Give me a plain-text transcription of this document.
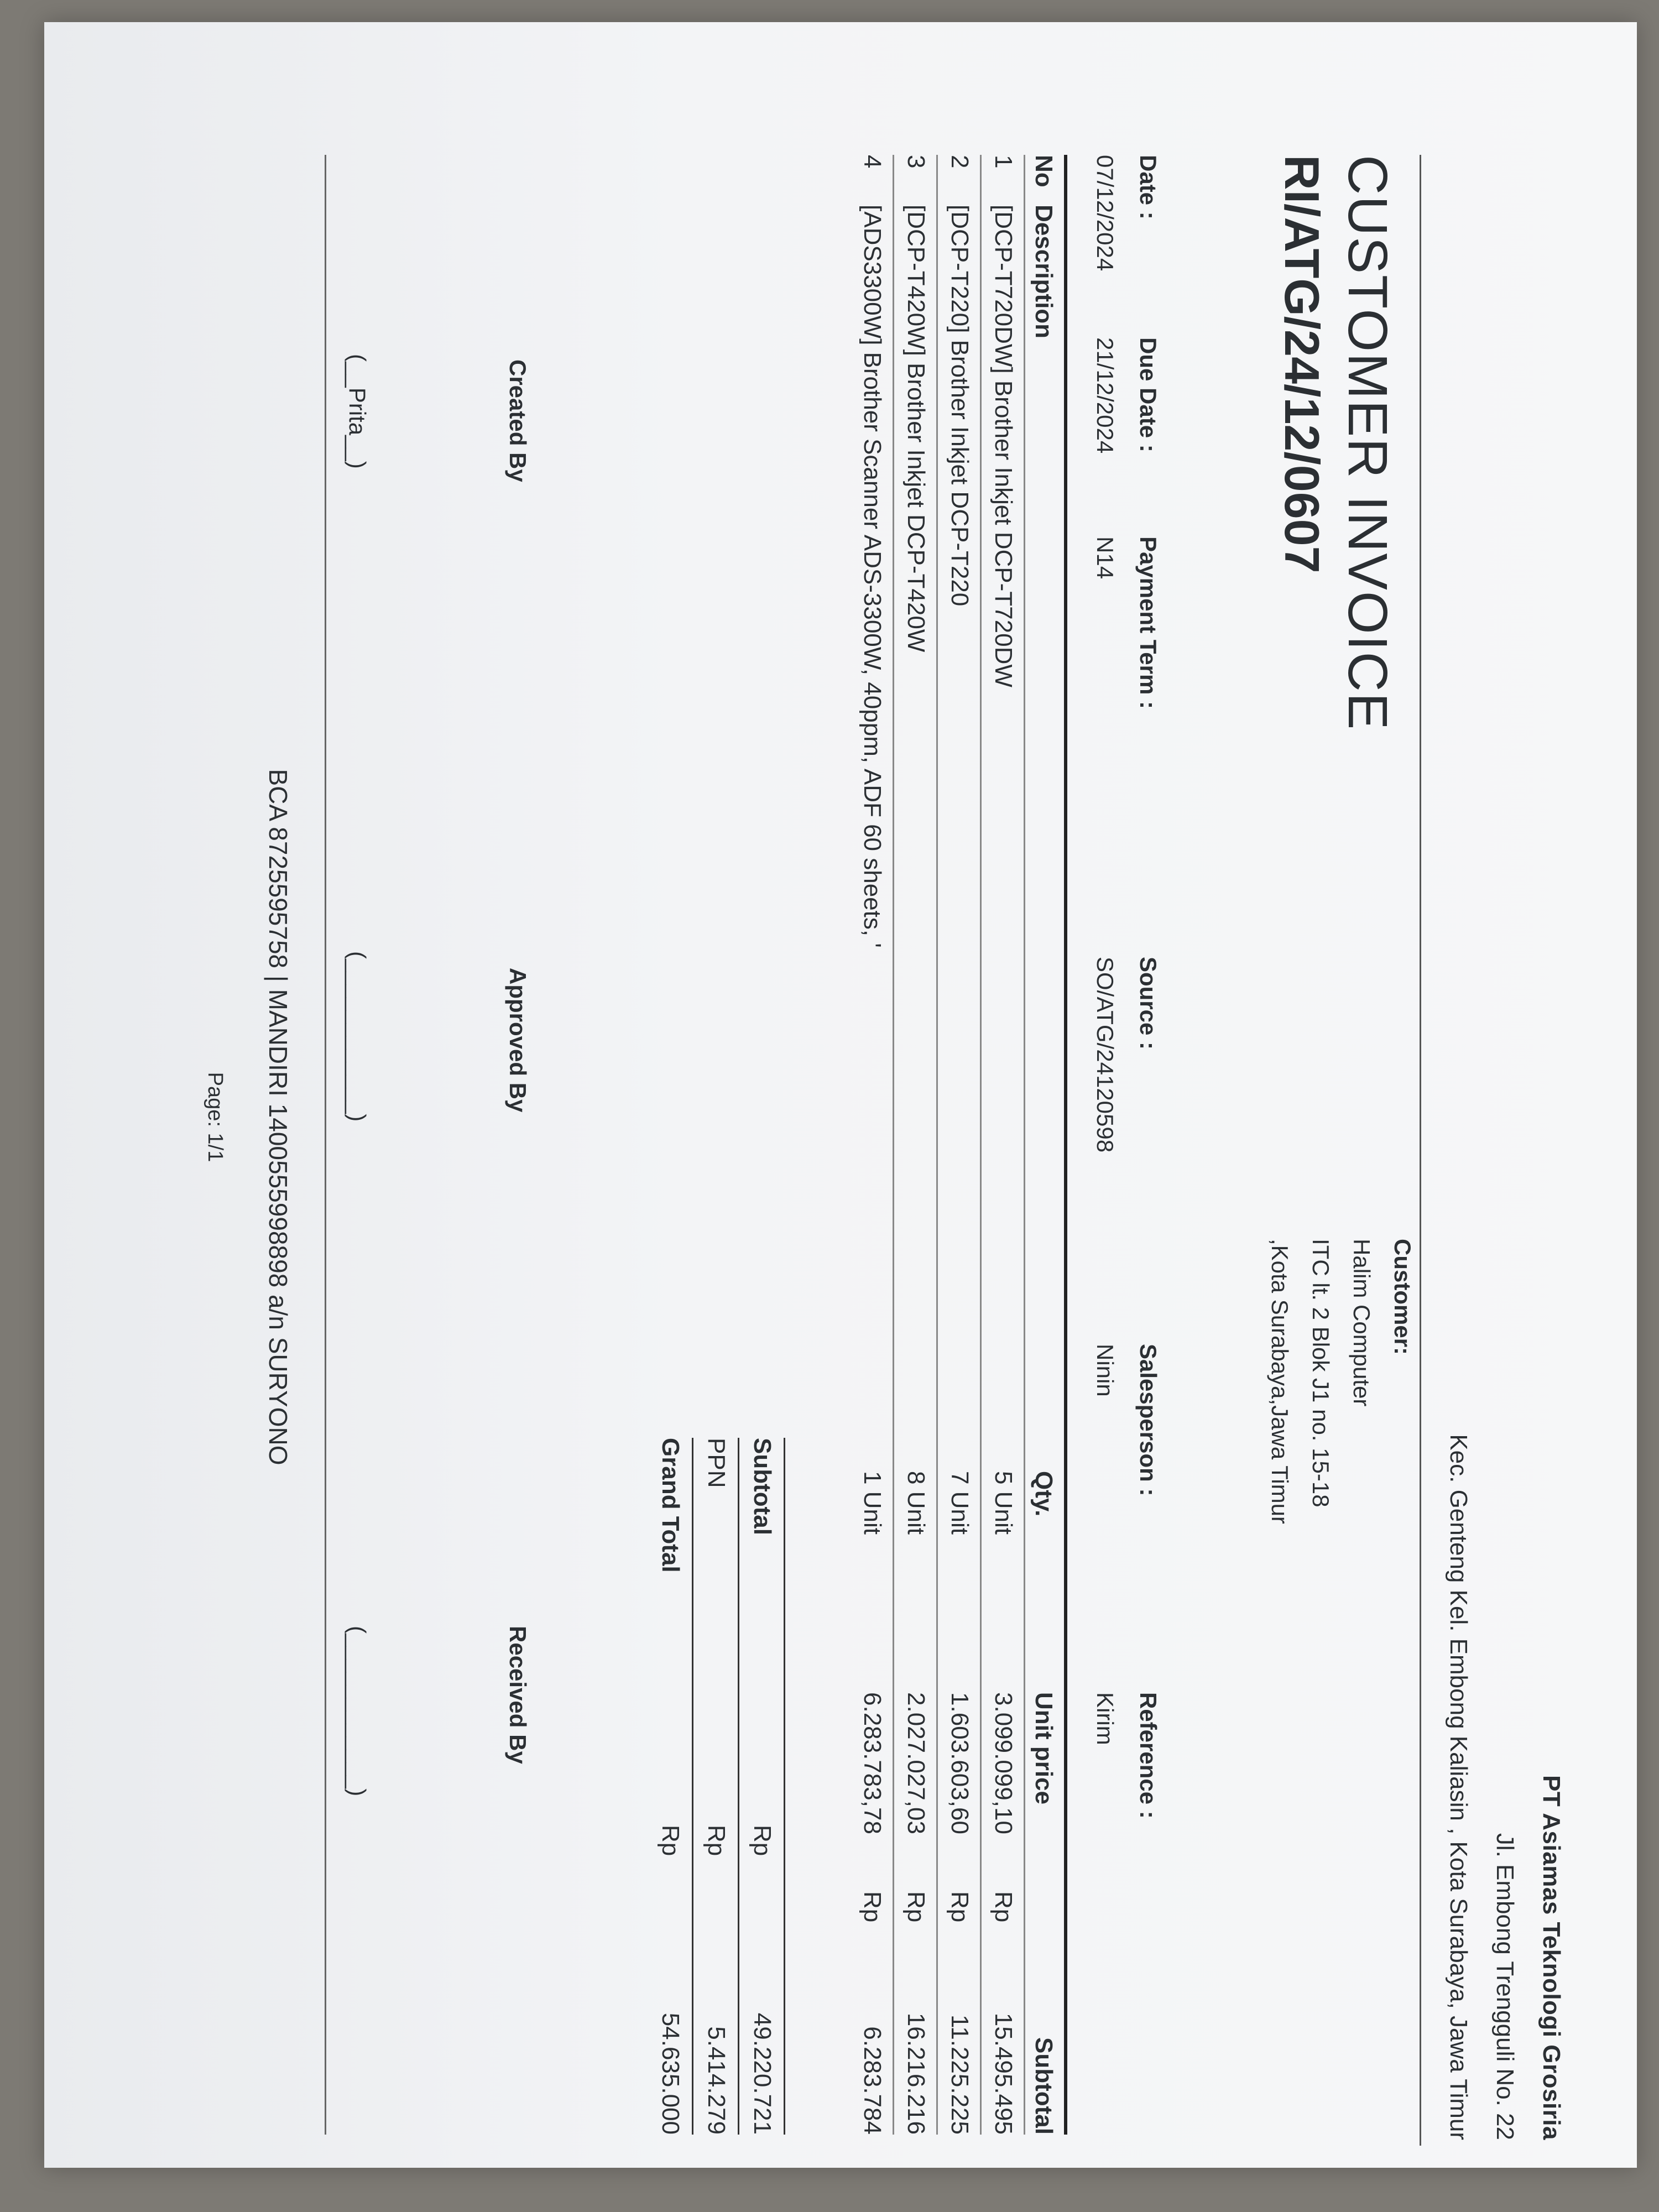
PT Asiamas Teknologi Grosiria
Jl. Embong Trengguli No. 22
Kec. Genteng Kel. Embong Kaliasin , Kota Surabaya, Jawa Timur
CUSTOMER INVOICE
RI/ATG/24/12/0607
Customer:
Halim Computer
ITC lt. 2 Blok J1 no. 15-18
,Kota Surabaya,Jawa Timur
Date :
07/12/2024
Due Date :
21/12/2024
Payment Term :
N14
Source :
SO/ATG/24120598
Salesperson :
Ninin
Reference :
Kirim
No
Description
Qty.
Unit price
Subtotal
1
[DCP-T720DW] Brother Inkjet DCP-T720DW
5 Unit
3.099.099,10
Rp
15.495.495
2
[DCP-T220] Brother Inkjet DCP-T220
7 Unit
1.603.603,60
Rp
11.225.225
3
[DCP-T420W] Brother Inkjet DCP-T420W
8 Unit
2.027.027,03
Rp
16.216.216
4
[ADS3300W] Brother Scanner ADS-3300W, 40ppm, ADF 60 sheets, '
1 Unit
6.283.783,78
Rp
6.283.784
Subtotal
Rp
49.220.721
PPN
Rp
5.414.279
Grand Total
Rp
54.635.000
Created By
Approved By
Received By
(__Prita__)
(____________)
(____________)
BCA 8725595758 | MANDIRI 1400555998898 a/n SURYONO
Page: 1/1
